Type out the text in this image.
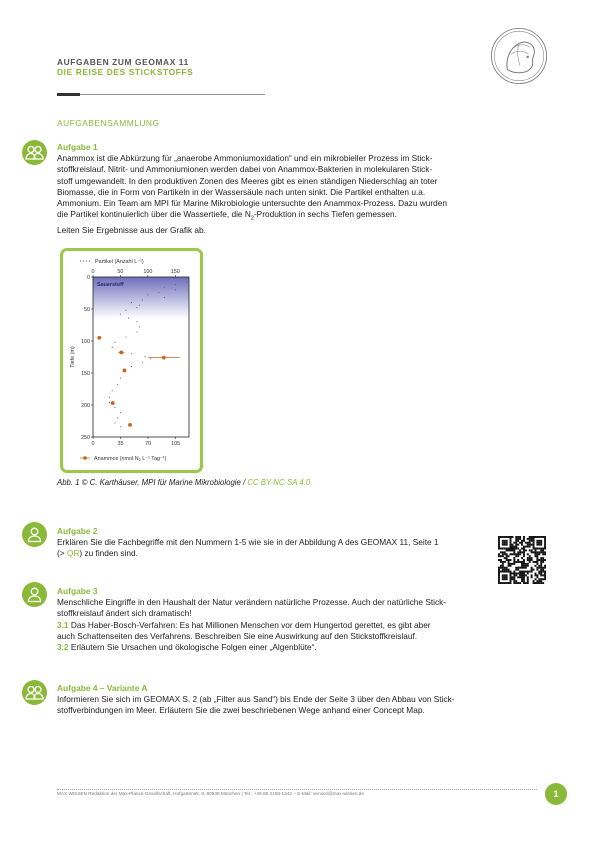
AUFGABEN ZUM GEOMAX 11
DIE REISE DES STICKSTOFFS
AUFGABENSAMMLUNG
Aufgabe 1
Anammox ist die Abkürzung für „anaerobe Ammoniumoxidation“ und ein mikrobieller Prozess im Stick-
stoffkreislauf. Nitrit- und Ammoniumionen werden dabei von Anammox-Bakterien in molekularen Stick-
stoff umgewandelt. In den produktiven Zonen des Meeres gibt es einen ständigen Niederschlag an toter
Biomasse, die in Form von Partikeln in der Wassersäule nach unten sinkt. Die Partikel enthalten u.a.
Ammonium. Ein Team am MPI für Marine Mikrobiologie untersuchte den Anammox-Prozess. Dazu wurden
die Partikel kontinuierlich über die Wassertiefe, die $N_2$-Produktion in sechs Tiefen gemessen.
Leiten Sie Ergebnisse aus der Grafik ab.
Partikel (Anzahl L⁻¹)
Sauerstoff
0	50	100	150
0	35	70	105
0
50
100
150
200
250
Tiefe (m)
Anammox (nmol $N_2$ L⁻¹ Tag⁻¹)
Abb. 1 © C. Karthäuser, MPI für Marine Mikrobiologie / CC BY-NC-SA 4.0
Aufgabe 2
Erklären Sie die Fachbegriffe mit den Nummern 1-5 wie sie in der Abbildung A des GEOMAX 11, Seite 1
(> QR) zu finden sind.
Aufgabe 3
Menschliche Eingriffe in den Haushalt der Natur verändern natürliche Prozesse. Auch der natürliche Stick-
stoffkreislauf ändert sich dramatisch!
3.1 Das Haber-Bosch-Verfahren: Es hat Millionen Menschen vor dem Hungertod gerettet, es gibt aber
auch Schattenseiten des Verfahrens. Beschreiben Sie eine Auswirkung auf den Stickstoffkreislauf.
3.2 Erläutern Sie Ursachen und ökologische Folgen einer „Algenblüte“.
Aufgabe 4 – Variante A
Informieren Sie sich im GEOMAX S. 2 (ab „Filter aus Sand“) bis Ende der Seite 3 über den Abbau von Stick-
stoffverbindungen im Meer. Erläutern Sie die zwei beschriebenen Wege anhand einer Concept Map.
MAX WISSEN Redaktion der Max-Planck-Gesellschaft, Hofgartenstr. 8, 80539 München | Tel.: +49 89 2108-1342 – E-Mail: service@max-wissen.de	1
